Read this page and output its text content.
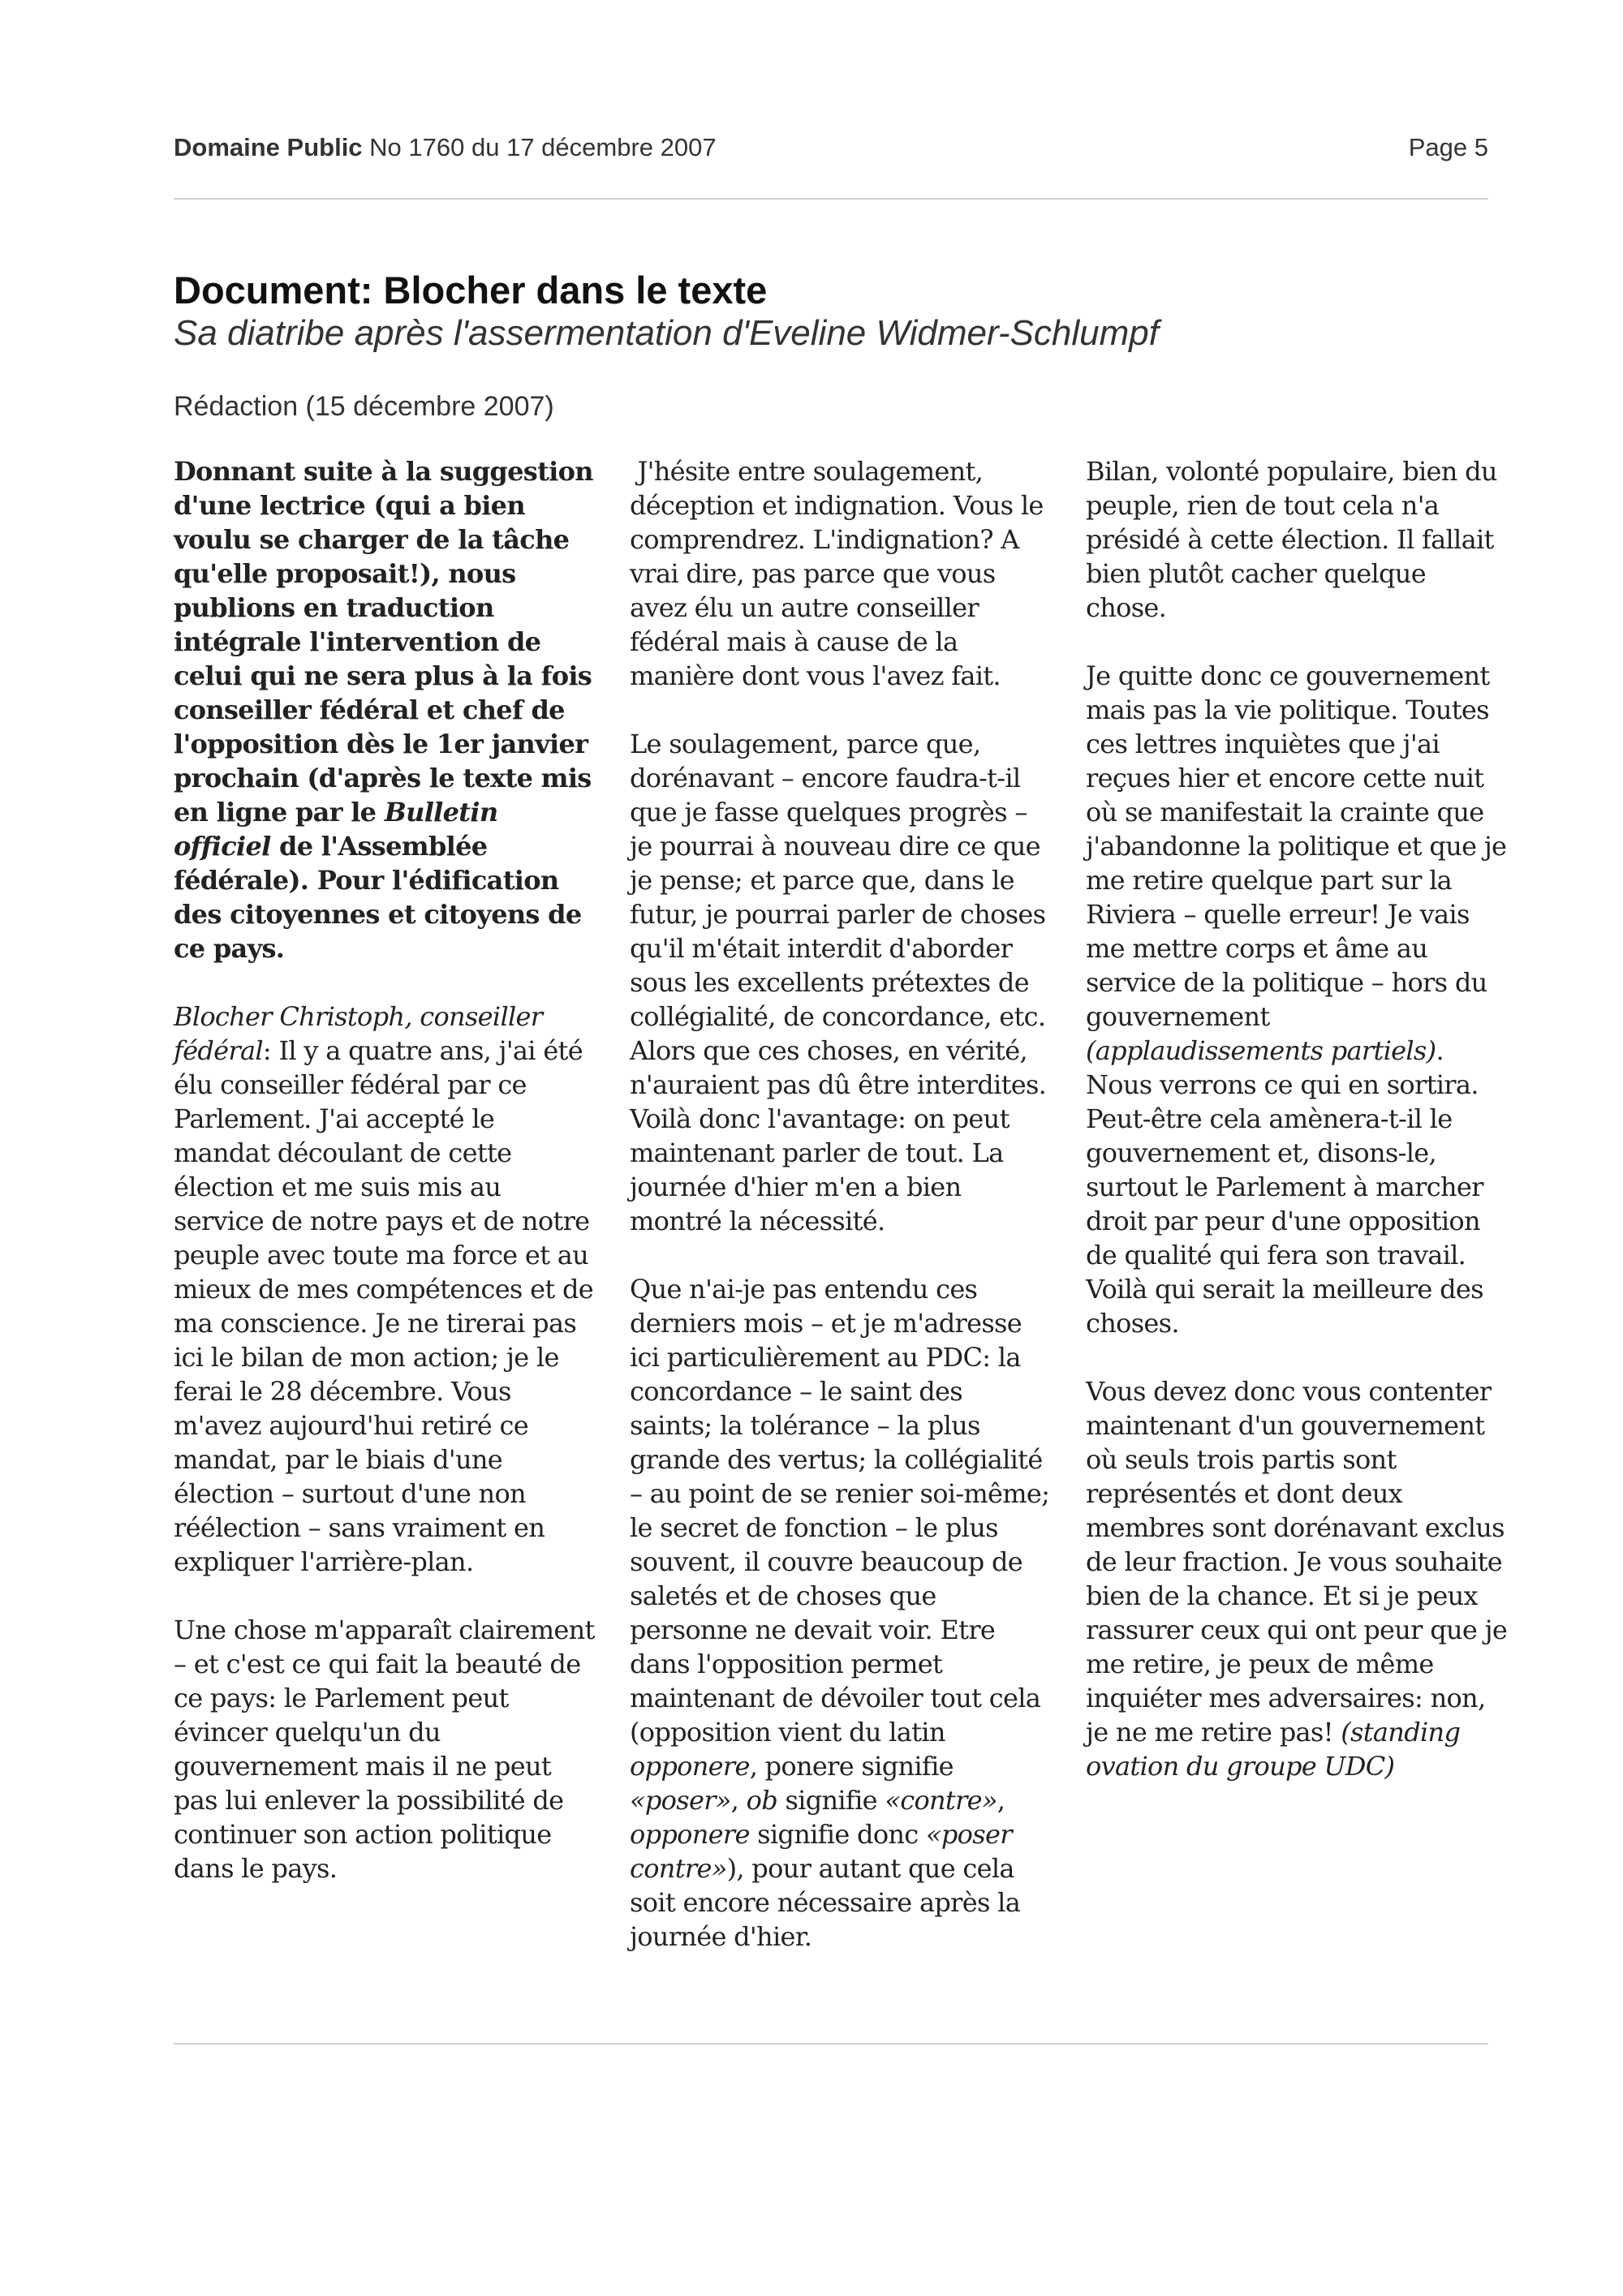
Domaine Public No 1760 du 17 décembre 2007	Page 5
Document: Blocher dans le texte
Sa diatribe après l'assermentation d'Eveline Widmer-Schlumpf
Rédaction (15 décembre 2007)

Donnant suite à la suggestion d'une lectrice (qui a bien voulu se charger de la tâche qu'elle proposait!), nous publions en traduction intégrale l'intervention de celui qui ne sera plus à la fois conseiller fédéral et chef de l'opposition dès le 1er janvier prochain (d'après le texte mis en ligne par le Bulletin officiel de l'Assemblée fédérale). Pour l'édification des citoyennes et citoyens de ce pays.

Blocher Christoph, conseiller fédéral: Il y a quatre ans, j'ai été élu conseiller fédéral par ce Parlement. J'ai accepté le mandat découlant de cette élection et me suis mis au service de notre pays et de notre peuple avec toute ma force et au mieux de mes compétences et de ma conscience. Je ne tirerai pas ici le bilan de mon action; je le ferai le 28 décembre. Vous m'avez aujourd'hui retiré ce mandat, par le biais d'une élection – surtout d'une non réélection – sans vraiment en expliquer l'arrière-plan.

Une chose m'apparaît clairement – et c'est ce qui fait la beauté de ce pays: le Parlement peut évincer quelqu'un du gouvernement mais il ne peut pas lui enlever la possibilité de continuer son action politique dans le pays.

J'hésite entre soulagement, déception et indignation. Vous le comprendrez. L'indignation? A vrai dire, pas parce que vous avez élu un autre conseiller fédéral mais à cause de la manière dont vous l'avez fait.

Le soulagement, parce que, dorénavant – encore faudra-t-il que je fasse quelques progrès – je pourrai à nouveau dire ce que je pense; et parce que, dans le futur, je pourrai parler de choses qu'il m'était interdit d'aborder sous les excellents prétextes de collégialité, de concordance, etc. Alors que ces choses, en vérité, n'auraient pas dû être interdites. Voilà donc l'avantage: on peut maintenant parler de tout. La journée d'hier m'en a bien montré la nécessité.

Que n'ai-je pas entendu ces derniers mois – et je m'adresse ici particulièrement au PDC: la concordance – le saint des saints; la tolérance – la plus grande des vertus; la collégialité – au point de se renier soi-même; le secret de fonction – le plus souvent, il couvre beaucoup de saletés et de choses que personne ne devait voir. Etre dans l'opposition permet maintenant de dévoiler tout cela (opposition vient du latin opponere, ponere signifie «poser», ob signifie «contre», opponere signifie donc «poser contre»), pour autant que cela soit encore nécessaire après la journée d'hier.

Bilan, volonté populaire, bien du peuple, rien de tout cela n'a présidé à cette élection. Il fallait bien plutôt cacher quelque chose.

Je quitte donc ce gouvernement mais pas la vie politique. Toutes ces lettres inquiètes que j'ai reçues hier et encore cette nuit où se manifestait la crainte que j'abandonne la politique et que je me retire quelque part sur la Riviera – quelle erreur! Je vais me mettre corps et âme au service de la politique – hors du gouvernement (applaudissements partiels). Nous verrons ce qui en sortira. Peut-être cela amènera-t-il le gouvernement et, disons-le, surtout le Parlement à marcher droit par peur d'une opposition de qualité qui fera son travail. Voilà qui serait la meilleure des choses.

Vous devez donc vous contenter maintenant d'un gouvernement où seuls trois partis sont représentés et dont deux membres sont dorénavant exclus de leur fraction. Je vous souhaite bien de la chance. Et si je peux rassurer ceux qui ont peur que je me retire, je peux de même inquiéter mes adversaires: non, je ne me retire pas! (standing ovation du groupe UDC)
